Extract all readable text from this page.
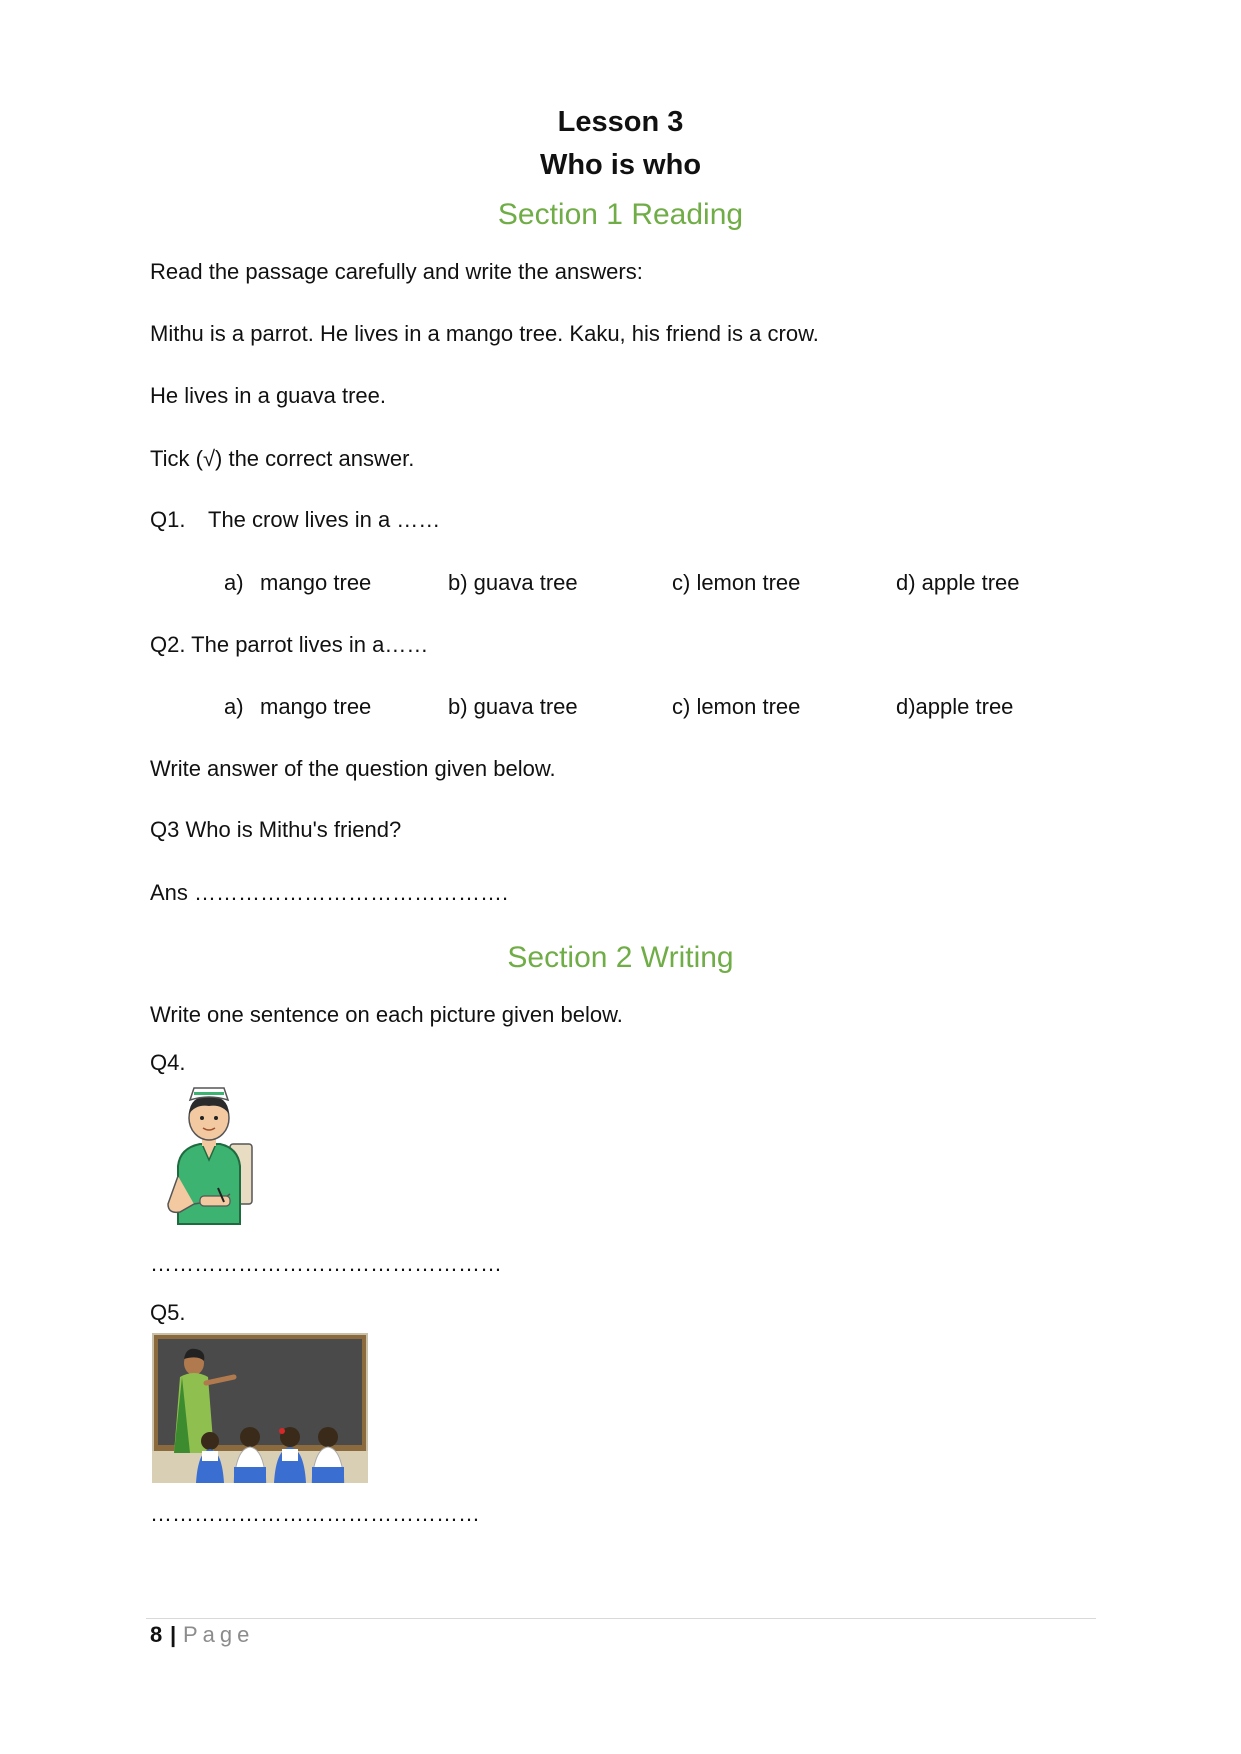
Lesson 3
Who is who
Section 1 Reading
Read the passage carefully and write the answers:
Mithu is a parrot. He lives in a mango tree. Kaku, his friend is a crow.
He lives in a guava tree.
Tick (√) the correct answer.
Q1. The crow lives in a ……
a) mango tree	b) guava tree	c) lemon tree	d) apple tree
Q2. The parrot lives in a……
a) mango tree	b) guava tree	c) lemon tree	d)apple tree
Write answer of the question given below.
Q3 Who is Mithu's friend?
Ans …………………………………….
Section 2 Writing
Write one sentence on each picture given below.
Q4.
…………………………………………
Q5.
………………………………………
8 | Page
